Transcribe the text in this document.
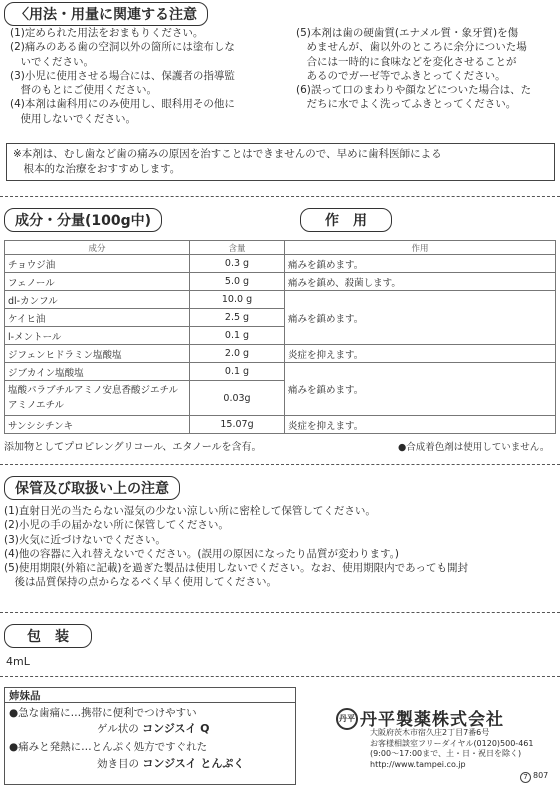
〈用法・用量に関連する注意
(1)定められた用法をおまもりください。
(2)痛みのある歯の空洞以外の箇所には塗布しな
　いでください。
(3)小児に使用させる場合には、保護者の指導監
　督のもとにご使用ください。
(4)本剤は歯科用にのみ使用し、眼科用その他に
　使用しないでください。
(5)本剤は歯の硬歯質(エナメル質・象牙質)を傷
　めませんが、歯以外のところに余分についた場
　合には一時的に食味などを変化させることが
　あるのでガーゼ等でふきとってください。
(6)誤って口のまわりや顔などについた場合は、た
　だちに水でよく洗ってふきとってください。
※本剤は、むし歯など歯の痛みの原因を治すことはできませんので、早めに歯科医師による
　根本的な治療をおすすめします。
成分・分量(100g中)	作　用
成分	含量	作用
チョウジ油	0.3 g	痛みを鎮めます。
フェノール	5.0 g	痛みを鎮め、殺菌します。
dl-カンフル	10.0 g	痛みを鎮めます。
ケイヒ油	2.5 g	
l-メントール	0.1 g	
ジフェンヒドラミン塩酸塩	2.0 g	炎症を抑えます。
ジブカイン塩酸塩	0.1 g	痛みを鎮めます。
塩酸パラブチルアミノ安息香酸ジエチルアミノエチル	0.03g	
サンシシチンキ	15.07g	炎症を抑えます。
添加物としてプロピレングリコール、エタノールを含有。	●合成着色剤は使用していません。
保管及び取扱い上の注意
(1)直射日光の当たらない湿気の少ない涼しい所に密栓して保管してください。
(2)小児の手の届かない所に保管してください。
(3)火気に近づけないでください。
(4)他の容器に入れ替えないでください。(誤用の原因になったり品質が変わります。)
(5)使用期限(外箱に記載)を過ぎた製品は使用しないでください。なお、使用期限内であっても開封
　後は品質保持の点からなるべく早く使用してください。
包　装
4mL
姉妹品
●急な歯痛に…携帯に便利でつけやすい
ゲル状の コンジスイ Q
●痛みと発熱に…とんぷく処方ですぐれた
効き目の コンジスイ とんぷく
丹平 丹平製薬株式会社
大阪府茨木市宿久庄2丁目7番6号
お客様相談室フリーダイヤル(0120)500-461
(9:00～17:00まで、土・日・祝日を除く)
http://www.tampei.co.jp
7 807
